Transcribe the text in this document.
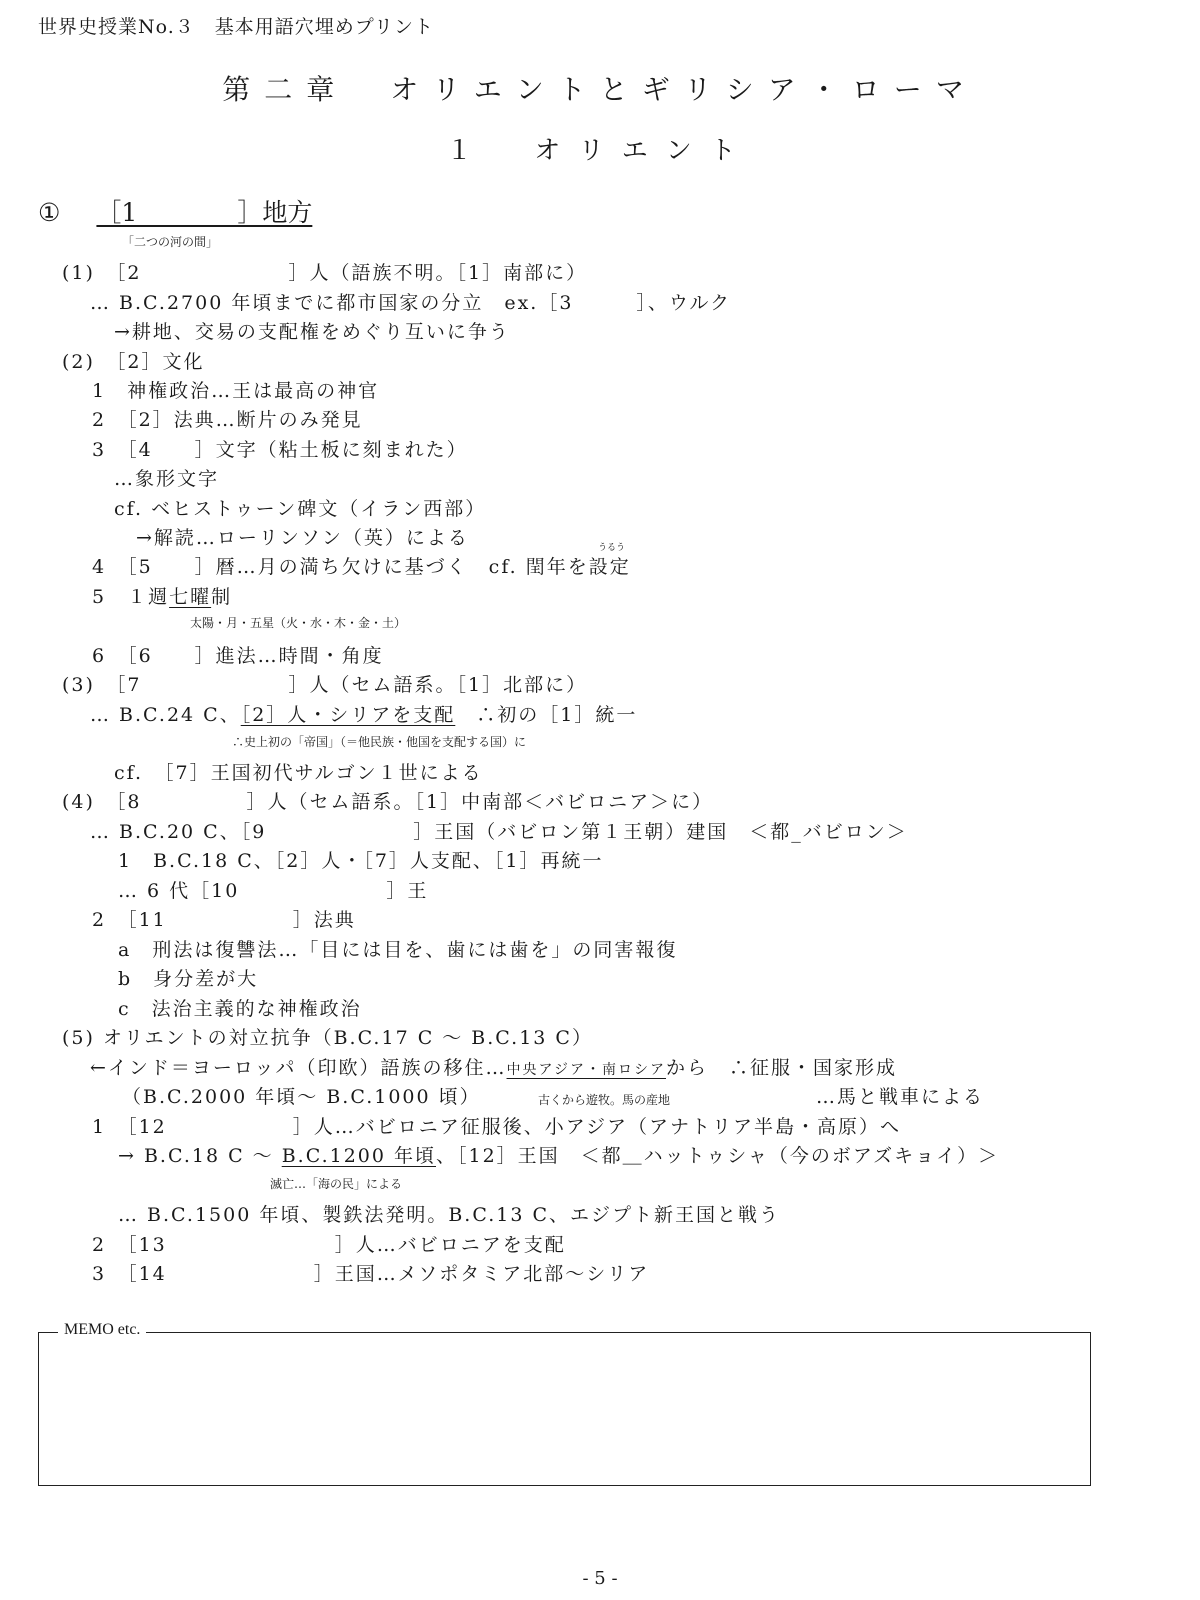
世界史授業No.３　基本用語穴埋めプリント
第二章　オリエントとギリシア・ローマ
１　オリエント
① ［1　　　　］地方
「二つの河の間」
(1)　［2　　　　　　　］人（語族不明。［1］南部に）
… B.C.2700 年頃までに都市国家の分立　ex.［3　　　］、ウルク
→耕地、交易の支配権をめぐり互いに争う
(2)　［2］文化
1　神権政治…王は最高の神官
2　［2］法典…断片のみ発見
3　［4　　］文字（粘土板に刻まれた）
…象形文字
cf. ベヒストゥーン碑文（イラン西部）
→解読…ローリンソン（英）による	うるう
4　［5　　］暦…月の満ち欠けに基づく　cf. 閏年を設定
5　１週七曜制
太陽・月・五星（火・水・木・金・土）
6　［6　　］進法…時間・角度
(3)　［7　　　　　　　］人（セム語系。［1］北部に）
… B.C.24 C、［2］人・シリアを支配　∴初の［1］統一
∴史上初の「帝国」（＝他民族・他国を支配する国）に
cf.　［7］王国初代サルゴン１世による
(4)　［8　　　　　］人（セム語系。［1］中南部＜バビロニア＞に）
… B.C.20 C、［9　　　　　　　］王国（バビロン第１王朝）建国　＜都_バビロン＞
1　B.C.18 C、［2］人・［7］人支配、［1］再統一
… 6 代［10　　　　　　　］王
2　［11　　　　　　］法典
a　刑法は復讐法…「目には目を、歯には歯を」の同害報復
b　身分差が大
c　法治主義的な神権政治
(5) オリエントの対立抗争（B.C.17 C ～ B.C.13 C）
←インド＝ヨーロッパ（印欧）語族の移住…中央アジア・南ロシアから　∴征服・国家形成
（B.C.2000 年頃～ B.C.1000 頃）	古くから遊牧。馬の産地	…馬と戦車による
1　［12　　　　　　］人…バビロニア征服後、小アジア（アナトリア半島・高原）へ
→ B.C.18 C ～ B.C.1200 年頃、［12］王国　＜都＿ハットゥシャ（今のボアズキョイ）＞
滅亡…「海の民」による
… B.C.1500 年頃、製鉄法発明。B.C.13 C、エジプト新王国と戦う
2　［13　　　　　　　　］人…バビロニアを支配
3　［14　　　　　　　］王国…メソポタミア北部～シリア
MEMO etc.
- 5 -
